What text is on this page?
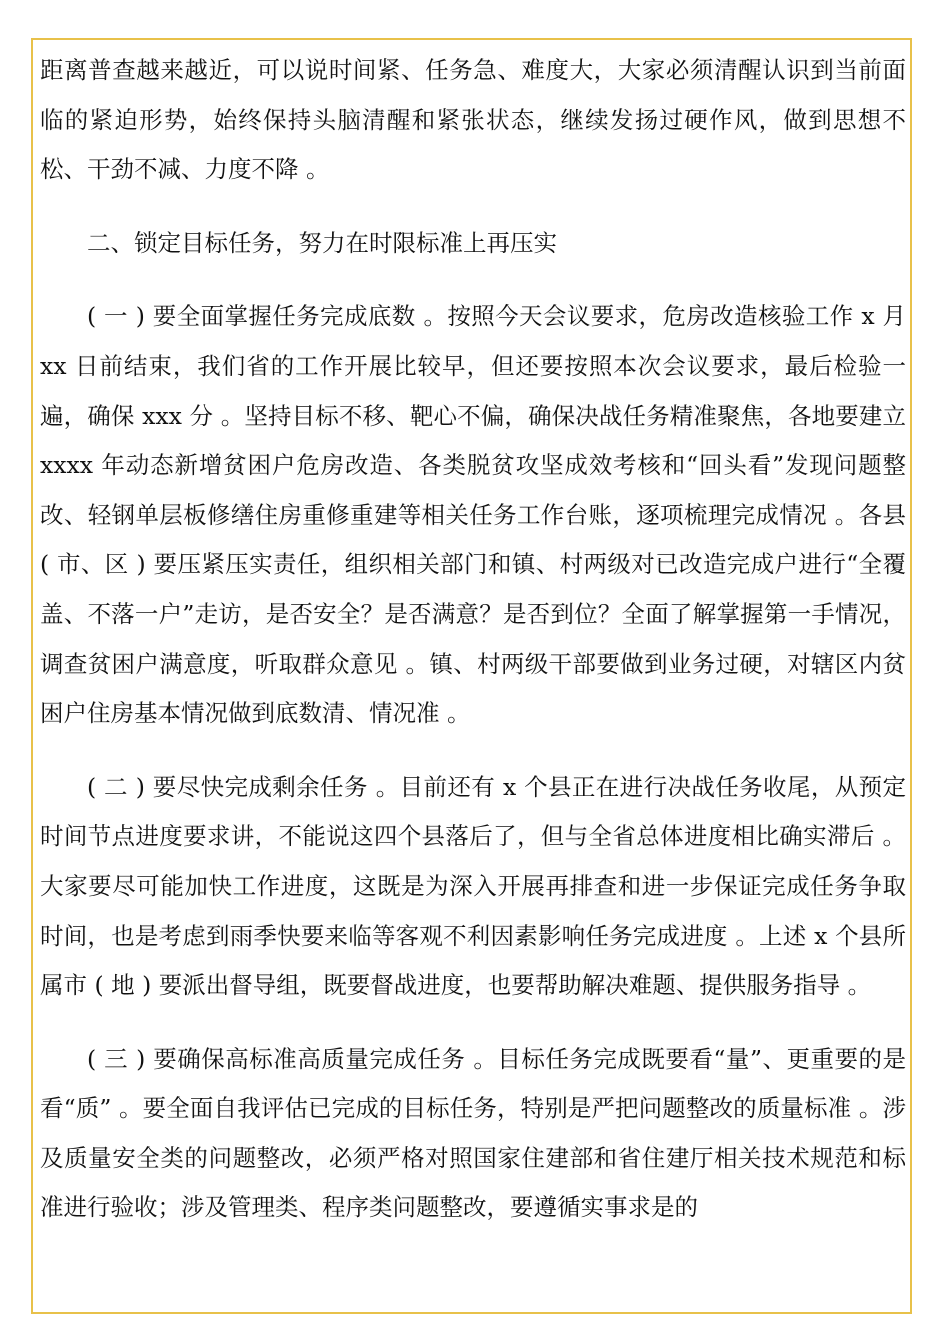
距离普查越来越近，可以说时间紧、任务急、难度大，大家必须清醒认识到当前面临的紧迫形势，始终保持头脑清醒和紧张状态，继续发扬过硬作风，做到思想不松、干劲不减、力度不降 。

二、锁定目标任务，努力在时限标准上再压实

( 一 ) 要全面掌握任务完成底数 。按照今天会议要求，危房改造核验工作 x 月 xx 日前结束，我们省的工作开展比较早，但还要按照本次会议要求，最后检验一遍，确保 xxx 分 。坚持目标不移、靶心不偏，确保决战任务精准聚焦，各地要建立 xxxx 年动态新增贫困户危房改造、各类脱贫攻坚成效考核和“回头看”发现问题整改、轻钢单层板修缮住房重修重建等相关任务工作台账，逐项梳理完成情况 。各县 ( 市、区 ) 要压紧压实责任，组织相关部门和镇、村两级对已改造完成户进行“全覆盖、不落一户”走访，是否安全？是否满意？是否到位？全面了解掌握第一手情况，调查贫困户满意度，听取群众意见 。镇、村两级干部要做到业务过硬，对辖区内贫困户住房基本情况做到底数清、情况准 。

( 二 ) 要尽快完成剩余任务 。目前还有 x 个县正在进行决战任务收尾，从预定时间节点进度要求讲，不能说这四个县落后了，但与全省总体进度相比确实滞后 。大家要尽可能加快工作进度，这既是为深入开展再排查和进一步保证完成任务争取时间，也是考虑到雨季快要来临等客观不利因素影响任务完成进度 。上述 x 个县所属市 ( 地 ) 要派出督导组，既要督战进度，也要帮助解决难题、提供服务指导 。

( 三 ) 要确保高标准高质量完成任务 。目标任务完成既要看“量”、更重要的是看“质” 。要全面自我评估已完成的目标任务，特别是严把问题整改的质量标准 。涉及质量安全类的问题整改，必须严格对照国家住建部和省住建厅相关技术规范和标准进行验收；涉及管理类、程序类问题整改，要遵循实事求是的
